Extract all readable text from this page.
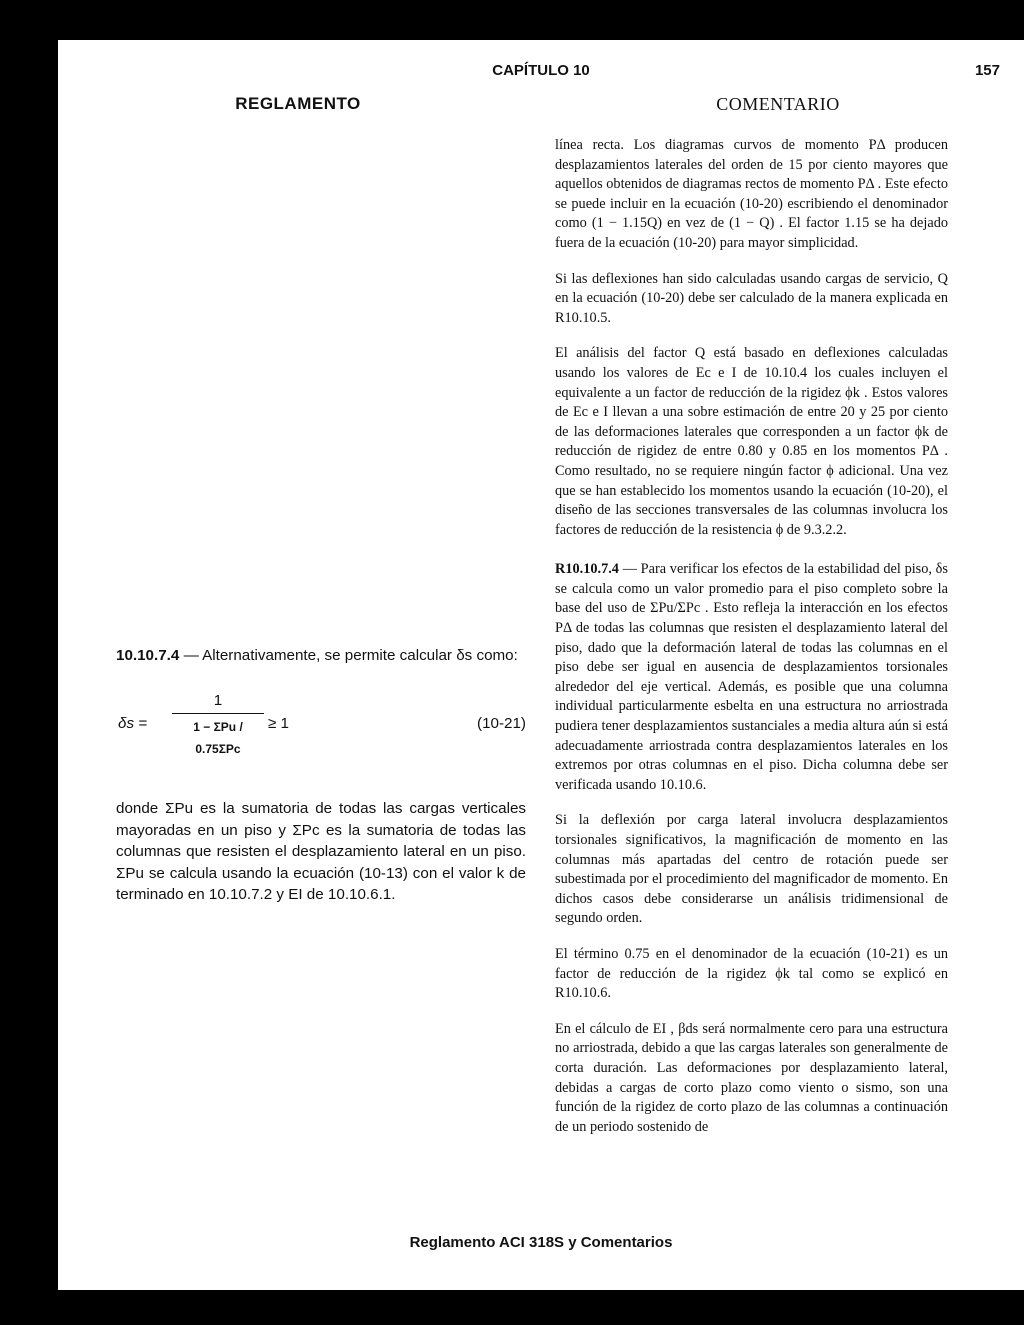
CAPÍTULO 10	157
REGLAMENTO	COMENTARIO

línea recta. Los diagramas curvos de momento PΔ producen desplazamientos laterales del orden de 15 por ciento mayores que aquellos obtenidos de diagramas rectos de momento PΔ . Este efecto se puede incluir en la ecuación (10-20) escribiendo el denominador como (1 − 1.15Q) en vez de (1 − Q) . El factor 1.15 se ha dejado fuera de la ecuación (10-20) para mayor simplicidad.

Si las deflexiones han sido calculadas usando cargas de servicio, Q en la ecuación (10-20) debe ser calculado de la manera explicada en R10.10.5.

El análisis del factor Q está basado en deflexiones calculadas usando los valores de Ec e I de 10.10.4 los cuales incluyen el equivalente a un factor de reducción de la rigidez ϕk . Estos valores de Ec e I llevan a una sobre estimación de entre 20 y 25 por ciento de las deformaciones laterales que corresponden a un factor ϕk de reducción de rigidez de entre 0.80 y 0.85 en los momentos PΔ . Como resultado, no se requiere ningún factor ϕ adicional. Una vez que se han establecido los momentos usando la ecuación (10-20), el diseño de las secciones transversales de las columnas involucra los factores de reducción de la resistencia ϕ de 9.3.2.2.

R10.10.7.4 — Para verificar los efectos de la estabilidad del piso, δs se calcula como un valor promedio para el piso completo sobre la base del uso de ΣPu/ΣPc . Esto refleja la interacción en los efectos PΔ de todas las columnas que resisten el desplazamiento lateral del piso, dado que la deformación lateral de todas las columnas en el piso debe ser igual en ausencia de desplazamientos torsionales alrededor del eje vertical. Además, es posible que una columna individual particularmente esbelta en una estructura no arriostrada pudiera tener desplazamientos sustanciales a media altura aún si está adecuadamente arriostrada contra desplazamientos laterales en los extremos por otras columnas en el piso. Dicha columna debe ser verificada usando 10.10.6.

Si la deflexión por carga lateral involucra desplazamientos torsionales significativos, la magnificación de momento en las columnas más apartadas del centro de rotación puede ser subestimada por el procedimiento del magnificador de momento. En dichos casos debe considerarse un análisis tridimensional de segundo orden.

El término 0.75 en el denominador de la ecuación (10-21) es un factor de reducción de la rigidez ϕk tal como se explicó en R10.10.6.

En el cálculo de EI , βds será normalmente cero para una estructura no arriostrada, debido a que las cargas laterales son generalmente de corta duración. Las deformaciones por desplazamiento lateral, debidas a cargas de corto plazo como viento o sismo, son una función de la rigidez de corto plazo de las columnas a continuación de un periodo sostenido de

10.10.7.4 — Alternativamente, se permite calcular δs como:

δs =
1
1 − ΣPu / 0.75ΣPc
≥ 1	(10-21)

donde ΣPu es la sumatoria de todas las cargas verticales mayoradas en un piso y ΣPc es la sumatoria de todas las columnas que resisten el desplazamiento lateral en un piso. ΣPu se calcula usando la ecuación (10-13) con el valor k de terminado en 10.10.7.2 y EI de 10.10.6.1.

Reglamento ACI 318S y Comentarios
